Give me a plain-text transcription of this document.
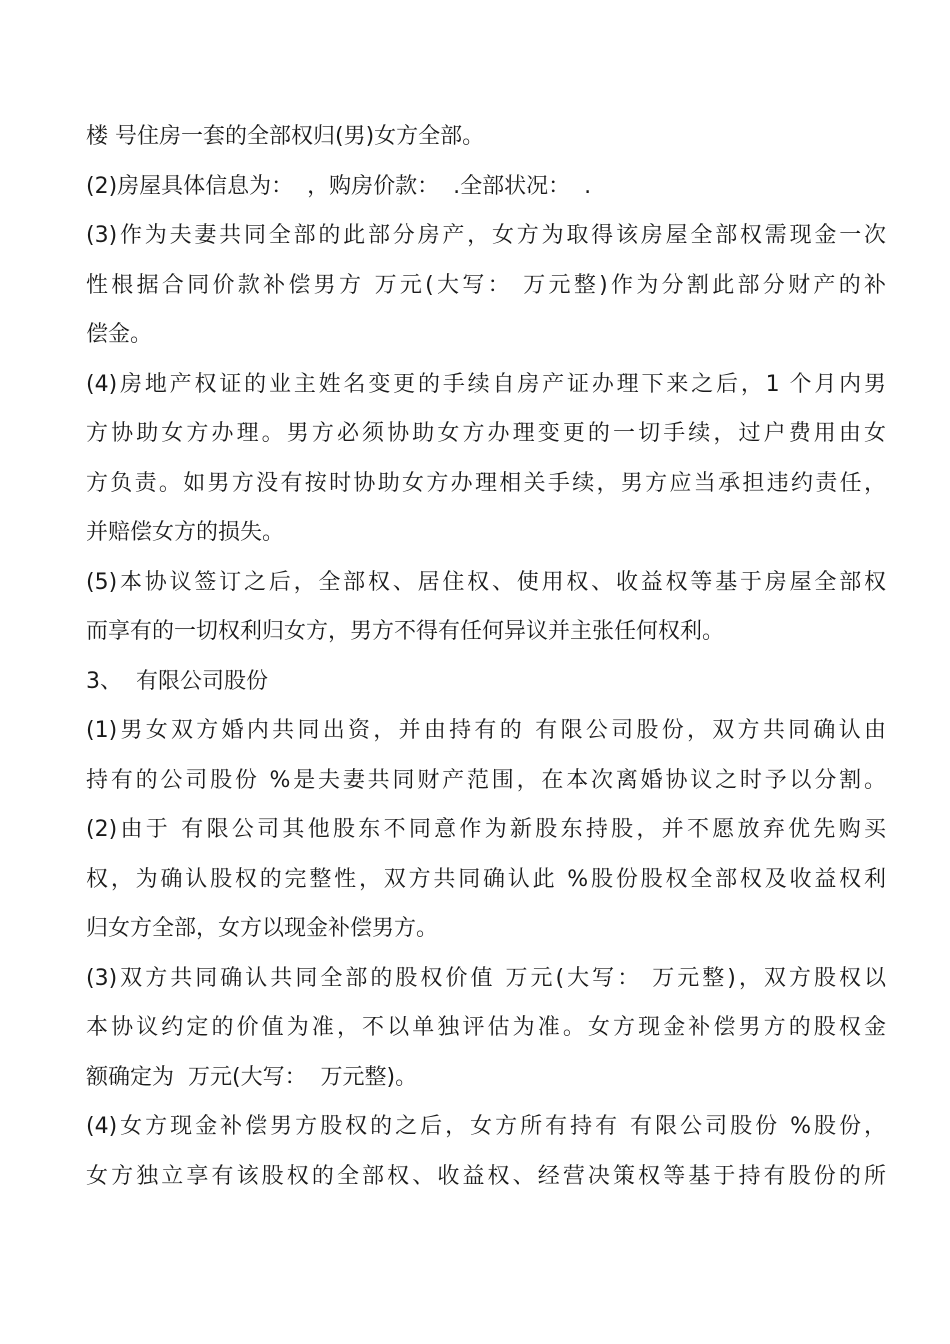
楼 号住房一套的全部权归(男)女方全部。

(2)房屋具体信息为：  ，购房价款：  .全部状况：  .

(3)作为夫妻共同全部的此部分房产，女方为取得该房屋全部权需现金一次

性根据合同价款补偿男方 万元(大写： 万元整)作为分割此部分财产的补

偿金。

(4)房地产权证的业主姓名变更的手续自房产证办理下来之后，1 个月内男

方协助女方办理。男方必须协助女方办理变更的一切手续，过户费用由女

方负责。如男方没有按时协助女方办理相关手续，男方应当承担违约责任，

并赔偿女方的损失。

(5)本协议签订之后，全部权、居住权、使用权、收益权等基于房屋全部权

而享有的一切权利归女方，男方不得有任何异议并主张任何权利。

3、  有限公司股份

(1)男女双方婚内共同出资，并由持有的 有限公司股份，双方共同确认由

持有的公司股份 %是夫妻共同财产范围，在本次离婚协议之时予以分割。

(2)由于 有限公司其他股东不同意作为新股东持股，并不愿放弃优先购买

权，为确认股权的完整性，双方共同确认此 %股份股权全部权及收益权利

归女方全部，女方以现金补偿男方。

(3)双方共同确认共同全部的股权价值 万元(大写： 万元整)，双方股权以

本协议约定的价值为准，不以单独评估为准。女方现金补偿男方的股权金

额确定为  万元(大写：  万元整)。

(4)女方现金补偿男方股权的之后，女方所有持有 有限公司股份 %股份，

女方独立享有该股权的全部权、收益权、经营决策权等基于持有股份的所
